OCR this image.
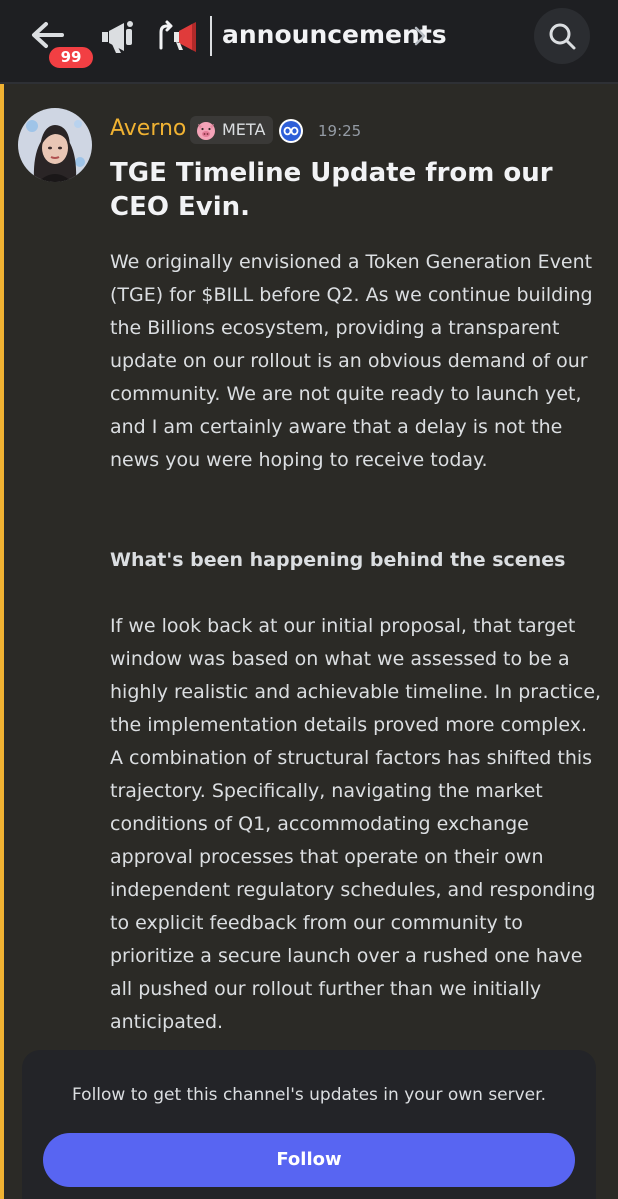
99
announcements
Averno META	19:25
TGE Timeline Update from our CEO Evin.

We originally envisioned a Token Generation Event (TGE) for $BILL before Q2. As we continue building the Billions ecosystem, providing a transparent update on our rollout is an obvious demand of our community. We are not quite ready to launch yet, and I am certainly aware that a delay is not the news you were hoping to receive today.

What's been happening behind the scenes

If we look back at our initial proposal, that target window was based on what we assessed to be a highly realistic and achievable timeline. In practice, the implementation details proved more complex. A combination of structural factors has shifted this trajectory. Specifically, navigating the market conditions of Q1, accommodating exchange approval processes that operate on their own independent regulatory schedules, and responding to explicit feedback from our community to prioritize a secure launch over a rushed one have all pushed our rollout further than we initially anticipated.

Follow to get this channel's updates in your own server.
Follow
